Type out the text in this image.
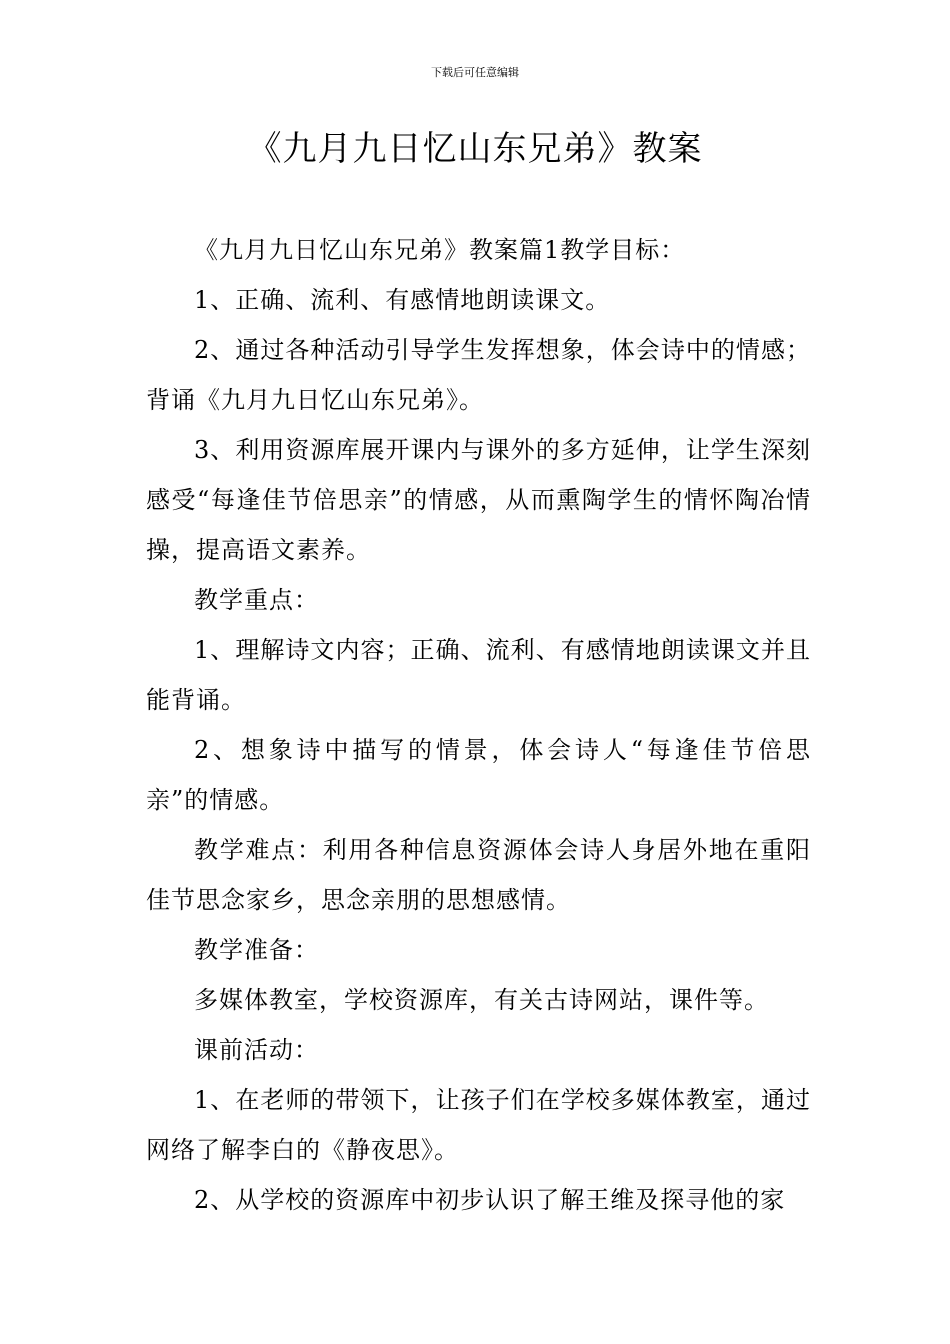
下载后可任意编辑
《九月九日忆山东兄弟》教案

《九月九日忆山东兄弟》教案篇1教学目标：

1、正确、流利、有感情地朗读课文。

2、通过各种活动引导学生发挥想象，体会诗中的情感；背诵《九月九日忆山东兄弟》。

3、利用资源库展开课内与课外的多方延伸，让学生深刻感受“每逢佳节倍思亲”的情感，从而熏陶学生的情怀陶冶情操，提高语文素养。

教学重点：

1、理解诗文内容；正确、流利、有感情地朗读课文并且能背诵。

2、想象诗中描写的情景，体会诗人“每逢佳节倍思亲”的情感。

教学难点：利用各种信息资源体会诗人身居外地在重阳佳节思念家乡，思念亲朋的思想感情。

教学准备：

多媒体教室，学校资源库，有关古诗网站，课件等。

课前活动：

1、在老师的带领下，让孩子们在学校多媒体教室，通过网络了解李白的《静夜思》。

2、从学校的资源库中初步认识了解王维及探寻他的家
